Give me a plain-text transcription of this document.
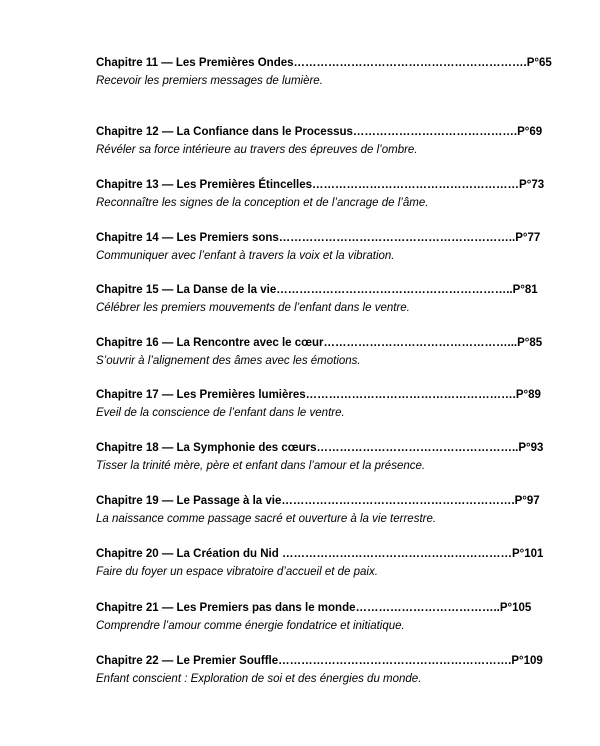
Chapitre 11 — Les Premières Ondes…………………………………………………….P°65
Recevoir les premiers messages de lumière.
Chapitre 12 — La Confiance dans le Processus…………………………………….P°69
Révéler sa force intérieure au travers des épreuves de l’ombre.
Chapitre 13 — Les Premières Étincelles………………………………………………P°73
Reconnaître les signes de la conception et de l’ancrage de l’âme.
Chapitre 14 — Les Premiers sons……………………………………………………..P°77
Communiquer avec l’enfant à travers la voix et la vibration.
Chapitre 15 — La Danse de la vie……………………………………………………..P°81
Célébrer les premiers mouvements de l’enfant dans le ventre.
Chapitre 16 — La Rencontre avec le cœur…………………………………………...P°85
S’ouvrir à l’alignement des âmes avec les émotions.
Chapitre 17 — Les Premières lumières……………………………………………….P°89
Eveil de la conscience de l’enfant dans le ventre.
Chapitre 18 — La Symphonie des cœurs……………………………………………..P°93
Tisser la trinité mère, père et enfant dans l’amour et la présence.
Chapitre 19 — Le Passage à la vie…………………………………………………….P°97
La naissance comme passage sacré et ouverture à la vie terrestre.
Chapitre 20 — La Création du Nid ……………………………………………………P°101
Faire du foyer un espace vibratoire d’accueil et de paix.
Chapitre 21 — Les Premiers pas dans le monde………………………………..P°105
Comprendre l’amour comme énergie fondatrice et initiatique.
Chapitre 22 — Le Premier Souffle…………………………………………………….P°109
Enfant conscient : Exploration de soi et des énergies du monde.
